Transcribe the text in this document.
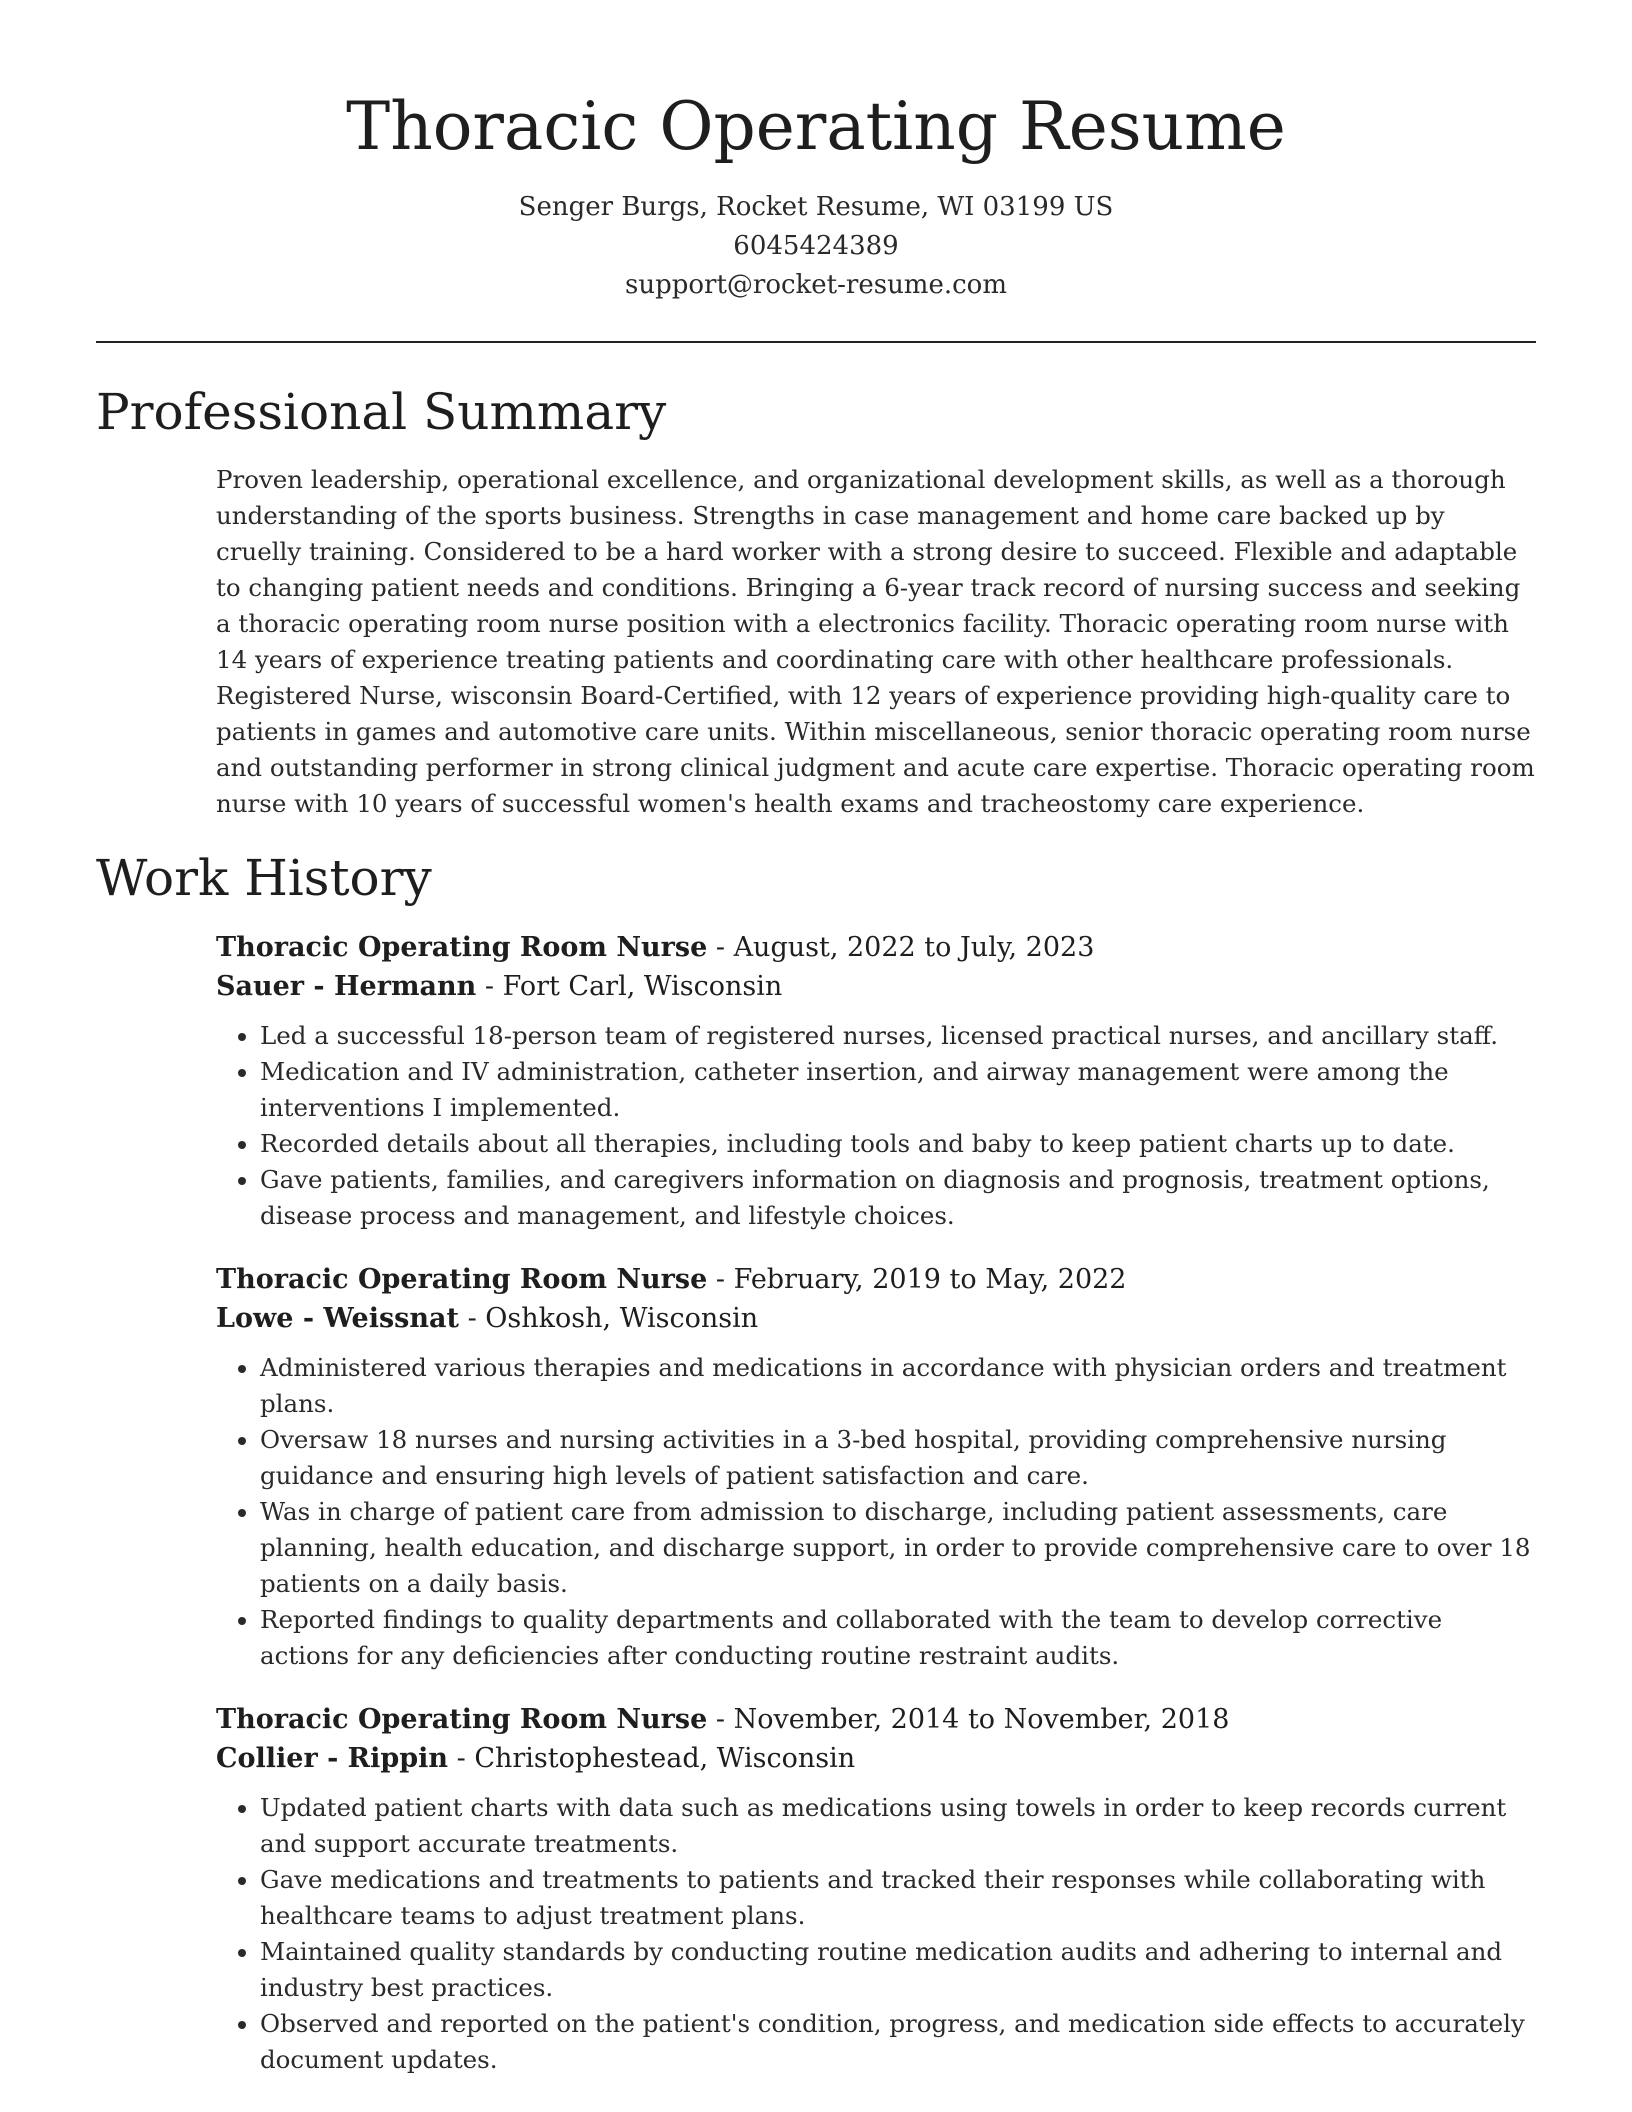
Thoracic Operating Resume
Senger Burgs, Rocket Resume, WI 03199 US
6045424389
support@rocket-resume.com
Professional Summary

Proven leadership, operational excellence, and organizational development skills, as well as a thorough understanding of the sports business. Strengths in case management and home care backed up by cruelly training. Considered to be a hard worker with a strong desire to succeed. Flexible and adaptable to changing patient needs and conditions. Bringing a 6-year track record of nursing success and seeking a thoracic operating room nurse position with a electronics facility. Thoracic operating room nurse with 14 years of experience treating patients and coordinating care with other healthcare professionals. Registered Nurse, wisconsin Board-Certified, with 12 years of experience providing high-quality care to patients in games and automotive care units. Within miscellaneous, senior thoracic operating room nurse and outstanding performer in strong clinical judgment and acute care expertise. Thoracic operating room nurse with 10 years of successful women's health exams and tracheostomy care experience.

Work History
Thoracic Operating Room Nurse - August, 2022 to July, 2023
Sauer - Hermann - Fort Carl, Wisconsin
• Led a successful 18-person team of registered nurses, licensed practical nurses, and ancillary staff.
• Medication and IV administration, catheter insertion, and airway management were among the interventions I implemented.
• Recorded details about all therapies, including tools and baby to keep patient charts up to date.
• Gave patients, families, and caregivers information on diagnosis and prognosis, treatment options, disease process and management, and lifestyle choices.
Thoracic Operating Room Nurse - February, 2019 to May, 2022
Lowe - Weissnat - Oshkosh, Wisconsin
• Administered various therapies and medications in accordance with physician orders and treatment plans.
• Oversaw 18 nurses and nursing activities in a 3-bed hospital, providing comprehensive nursing guidance and ensuring high levels of patient satisfaction and care.
• Was in charge of patient care from admission to discharge, including patient assessments, care planning, health education, and discharge support, in order to provide comprehensive care to over 18 patients on a daily basis.
• Reported findings to quality departments and collaborated with the team to develop corrective actions for any deficiencies after conducting routine restraint audits.
Thoracic Operating Room Nurse - November, 2014 to November, 2018
Collier - Rippin - Christophestead, Wisconsin
• Updated patient charts with data such as medications using towels in order to keep records current and support accurate treatments.
• Gave medications and treatments to patients and tracked their responses while collaborating with healthcare teams to adjust treatment plans.
• Maintained quality standards by conducting routine medication audits and adhering to internal and industry best practices.
• Observed and reported on the patient's condition, progress, and medication side effects to accurately document updates.
